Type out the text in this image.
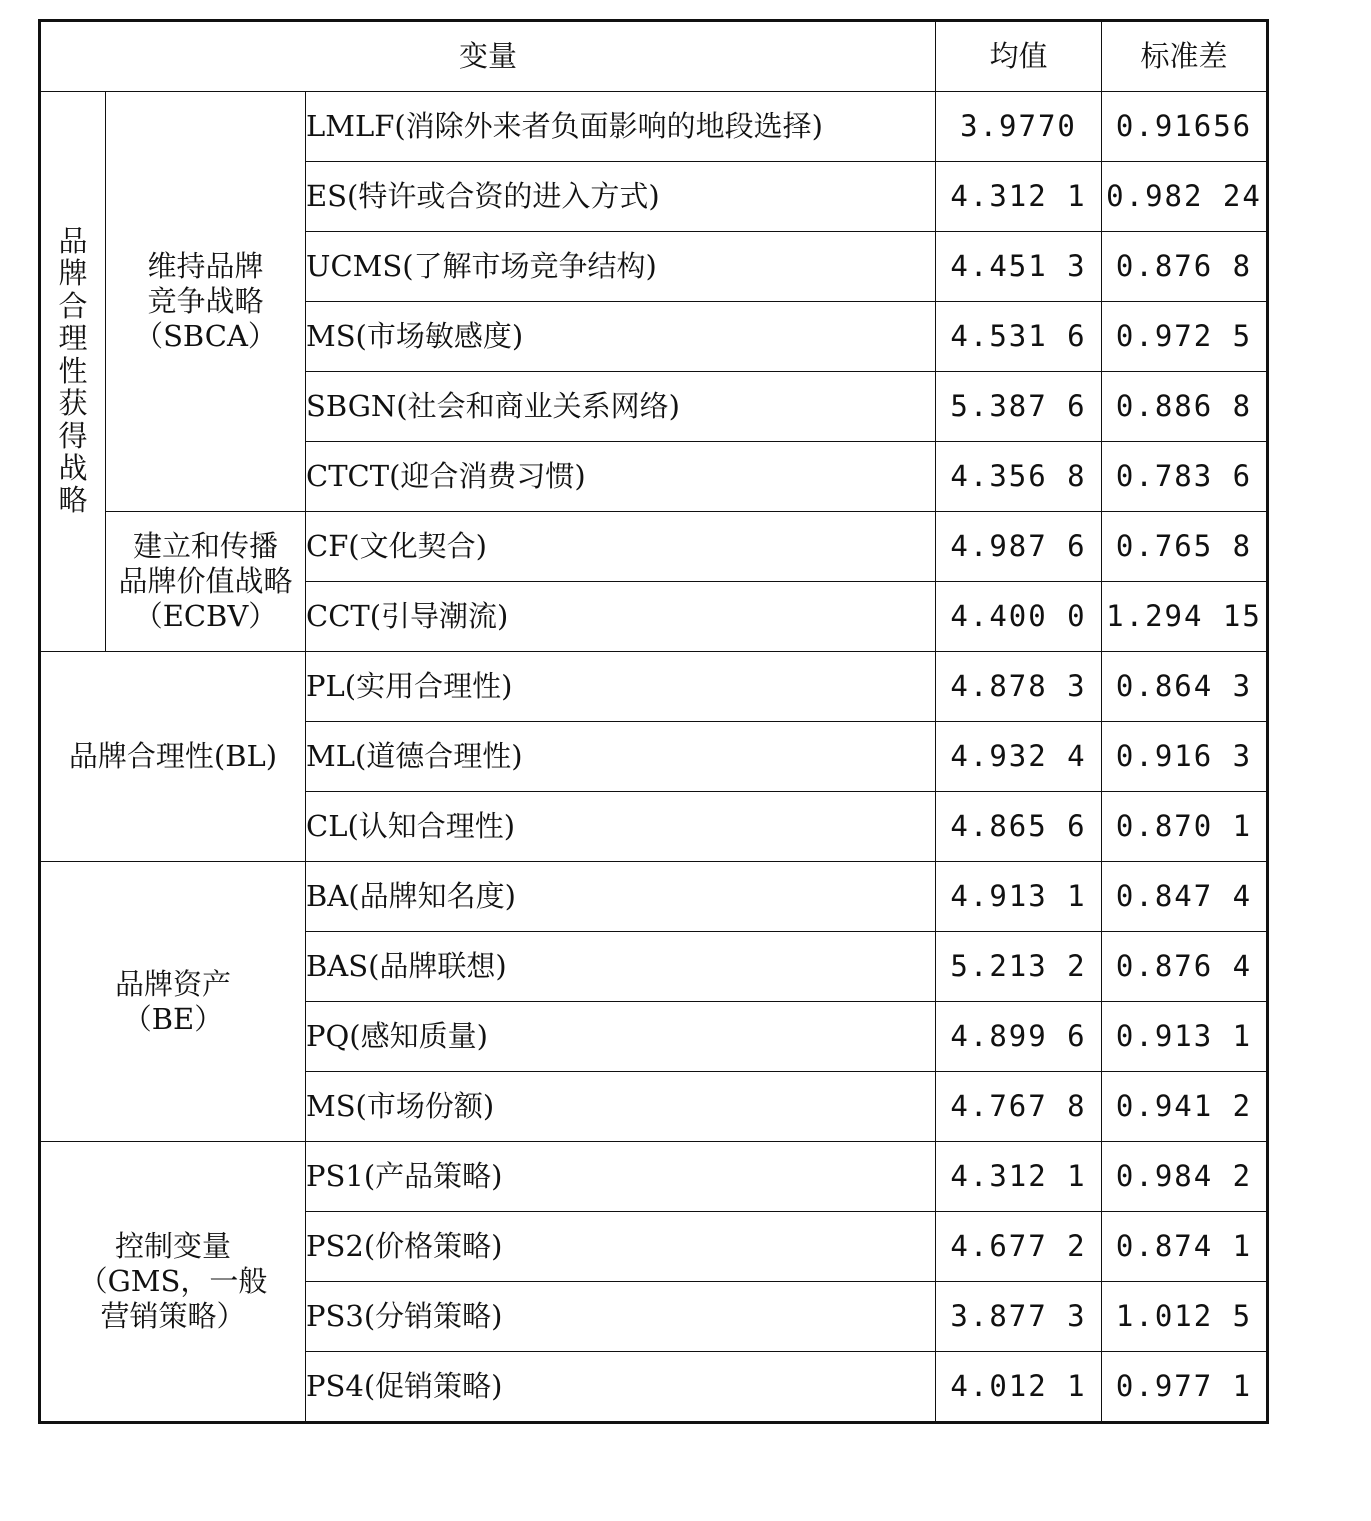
变量			均值	标准差
品牌合理性获得战略	维持品牌
竞争战略
（SBCA）	LMLF(消除外来者负面影响的地段选择)	3.9770	0.91656
		ES(特许或合资的进入方式)	4.312 1	0.982 24
		UCMS(了解市场竞争结构)	4.451 3	0.876 8
		MS(市场敏感度)	4.531 6	0.972 5
		SBGN(社会和商业关系网络)	5.387 6	0.886 8
		CTCT(迎合消费习惯)	4.356 8	0.783 6

	建立和传播
品牌价值战略
（ECBV）	CF(文化契合)	4.987 6	0.765 8
		CCT(引导潮流)	4.400 0	1.294 15
品牌合理性(BL)		PL(实用合理性)	4.878 3	0.864 3
		ML(道德合理性)	4.932 4	0.916 3
		CL(认知合理性)	4.865 6	0.870 1

品牌资产
（BE）		BA(品牌知名度)	4.913 1	0.847 4
		BAS(品牌联想)	5.213 2	0.876 4
		PQ(感知质量)	4.899 6	0.913 1
		MS(市场份额)	4.767 8	0.941 2

控制变量
（GMS，一般
营销策略）		PS1(产品策略)	4.312 1	0.984 2
		PS2(价格策略)	4.677 2	0.874 1
		PS3(分销策略)	3.877 3	1.012 5
		PS4(促销策略)	4.012 1	0.977 1
